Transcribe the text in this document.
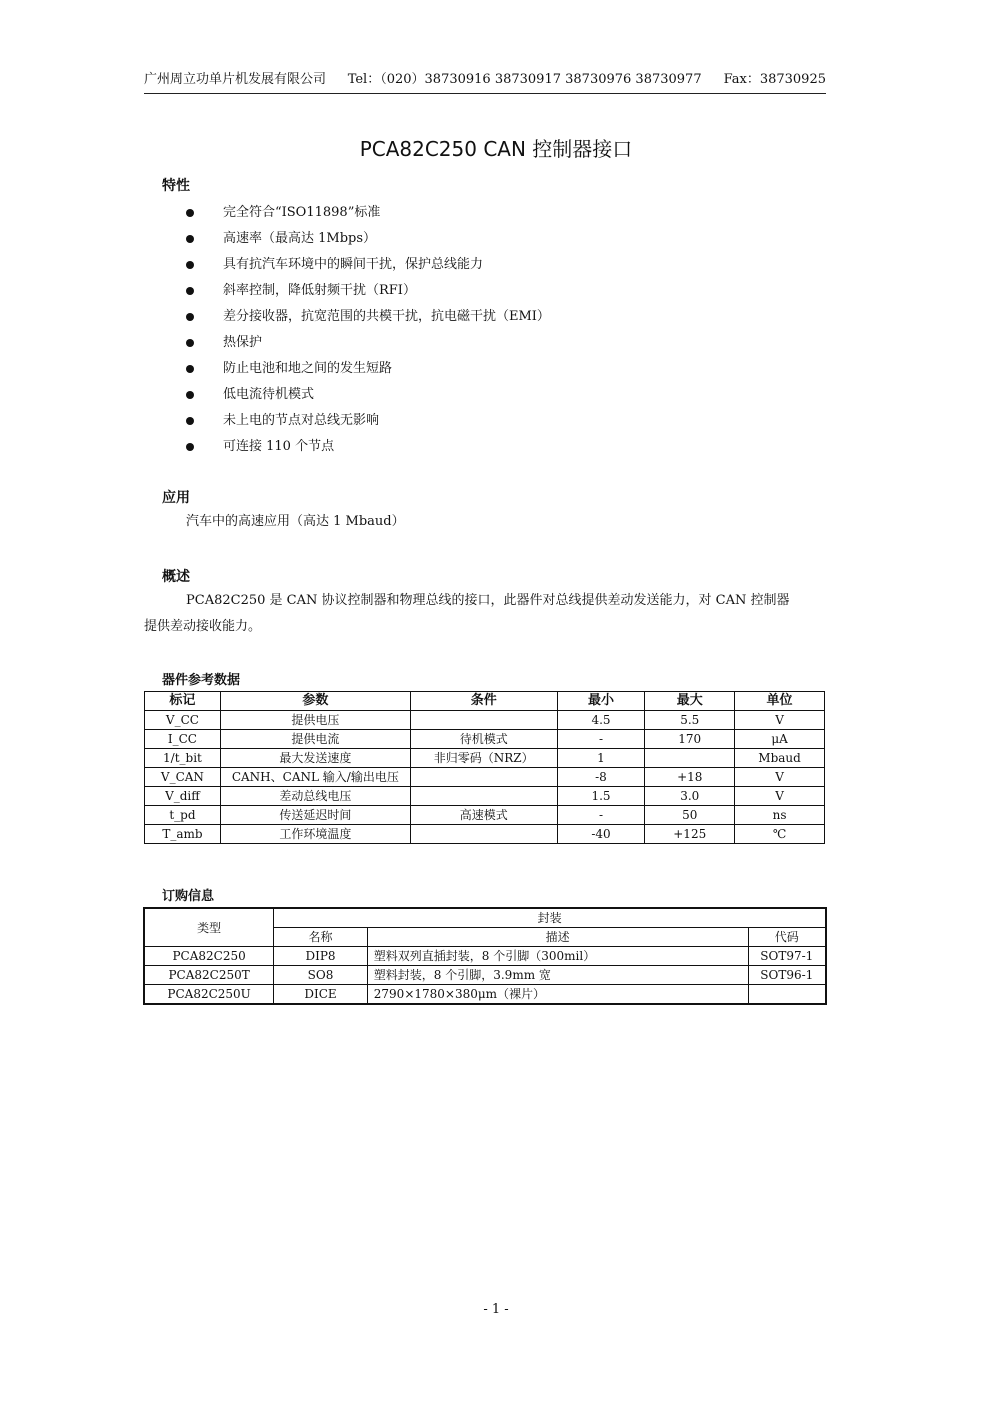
广州周立功单片机发展有限公司 Tel：（020）38730916 38730917 38730976 38730977 Fax：38730925
PCA82C250 CAN 控制器接口
特性
完全符合“ISO11898”标准
高速率（最高达 1Mbps）
具有抗汽车环境中的瞬间干扰，保护总线能力
斜率控制，降低射频干扰（RFI）
差分接收器，抗宽范围的共模干扰，抗电磁干扰（EMI）
热保护
防止电池和地之间的发生短路
低电流待机模式
未上电的节点对总线无影响
可连接 110 个节点
应用
汽车中的高速应用（高达 1 Mbaud）
概述
PCA82C250 是 CAN 协议控制器和物理总线的接口，此器件对总线提供差动发送能力，对 CAN 控制器
提供差动接收能力。
器件参考数据
标记	参数	条件	最小	最大	单位
V_CC	提供电压		4.5	5.5	V
I_CC	提供电流	待机模式	-	170	μA
1/t_bit	最大发送速度	非归零码（NRZ）	1		Mbaud
V_CAN	CANH、CANL 输入/输出电压		-8	+18	V
V_diff	差动总线电压		1.5	3.0	V
t_pd	传送延迟时间	高速模式	-	50	ns
T_amb	工作环境温度		-40	+125	℃
订购信息
类型	封装		
	名称	描述	代码
PCA82C250	DIP8	塑料双列直插封装，8 个引脚（300mil）	SOT97-1
PCA82C250T	SO8	塑料封装，8 个引脚，3.9mm 宽	SOT96-1
PCA82C250U	DICE	2790×1780×380μm（裸片）	
- 1 -
